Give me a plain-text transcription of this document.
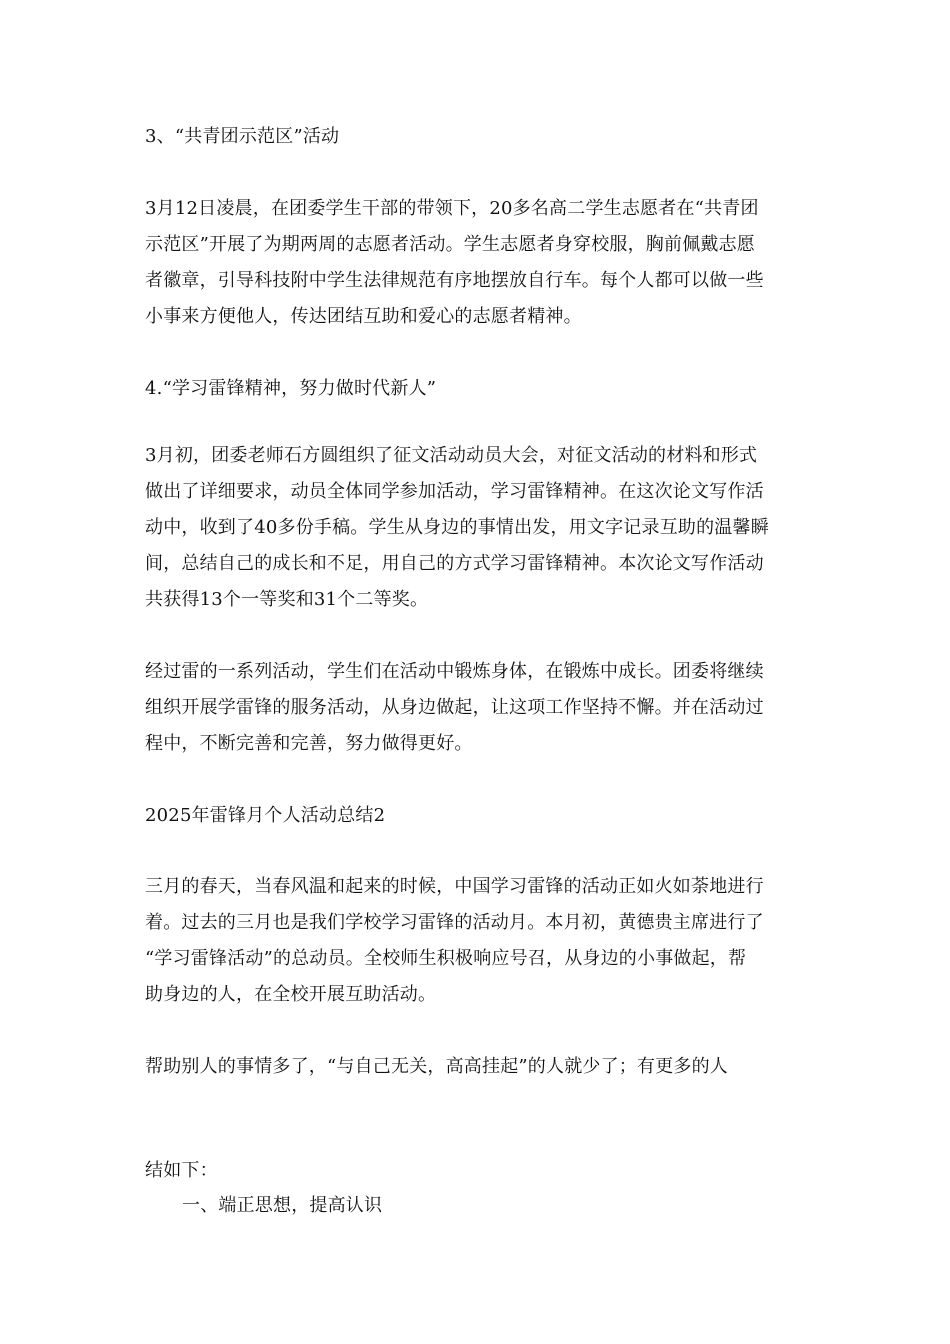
3、“共青团示范区”活动
3月12日凌晨，在团委学生干部的带领下，20多名高二学生志愿者在“共青团
示范区”开展了为期两周的志愿者活动。学生志愿者身穿校服，胸前佩戴志愿
者徽章，引导科技附中学生法律规范有序地摆放自行车。每个人都可以做一些
小事来方便他人，传达团结互助和爱心的志愿者精神。
4.“学习雷锋精神，努力做时代新人”
3月初，团委老师石方圆组织了征文活动动员大会，对征文活动的材料和形式
做出了详细要求，动员全体同学参加活动，学习雷锋精神。在这次论文写作活
动中，收到了40多份手稿。学生从身边的事情出发，用文字记录互助的温馨瞬
间，总结自己的成长和不足，用自己的方式学习雷锋精神。本次论文写作活动
共获得13个一等奖和31个二等奖。
经过雷的一系列活动，学生们在活动中锻炼身体，在锻炼中成长。团委将继续
组织开展学雷锋的服务活动，从身边做起，让这项工作坚持不懈。并在活动过
程中，不断完善和完善，努力做得更好。
2025年雷锋月个人活动总结2
三月的春天，当春风温和起来的时候，中国学习雷锋的活动正如火如荼地进行
着。过去的三月也是我们学校学习雷锋的活动月。本月初，黄德贵主席进行了
“学习雷锋活动”的总动员。全校师生积极响应号召，从身边的小事做起，帮
助身边的人，在全校开展互助活动。
帮助别人的事情多了，“与自己无关，高高挂起”的人就少了；有更多的人
结如下：
一、端正思想，提高认识
